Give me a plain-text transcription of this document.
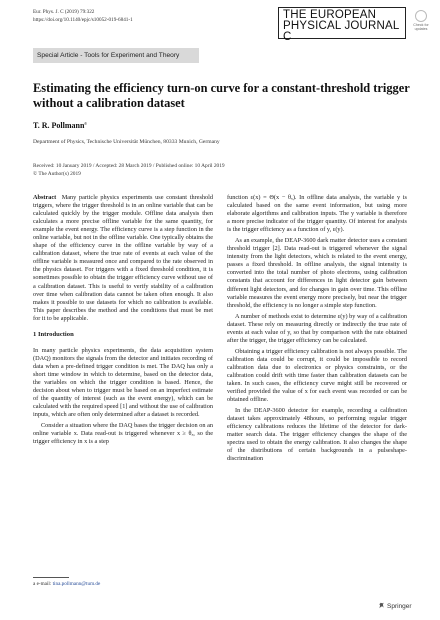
Eur. Phys. J. C (2019) 79:322
https://doi.org/10.1140/epjc/s10052-019-6841-1	THE EUROPEAN
PHYSICAL JOURNAL C
Check for updates
Special Article - Tools for Experiment and Theory
Estimating the efficiency turn-on curve for a constant-threshold trigger without a calibration dataset
T. R. Pollmann$^a$
Department of Physics, Technische Universität München, 80333 Munich, Germany
Received: 10 January 2019 / Accepted: 28 March 2019 / Published online: 10 April 2019
© The Author(s) 2019

Abstract Many particle physics experiments use constant threshold triggers, where the trigger threshold is in an online variable that can be calculated quickly by the trigger module. Offline data analysis then calculates a more precise offline variable for the same quantity, for example the event energy. The efficiency curve is a step function in the online variable, but not in the offline variable. One typically obtains the shape of the efficiency curve in the offline variable by way of a calibration dataset, where the true rate of events at each value of the offline variable is measured once and compared to the rate observed in the physics dataset. For triggers with a fixed threshold condition, it is sometimes possible to obtain the trigger efficiency curve without use of a calibration dataset. This is useful to verify stability of a calibration over time when calibration data cannot be taken often enough. It also makes it possible to use datasets for which no calibration is available. This paper describes the method and the conditions that must be met for it to be applicable.

1 Introduction

In many particle physics experiments, the data acquisition system (DAQ) monitors the signals from the detector and initiates recording of data when a pre-defined trigger condition is met. The DAQ has only a short time window in which to determine, based on the detector data, the variables on which the trigger condition is based. Hence, the decision about when to trigger must be based on an imperfect estimate of the quantity of interest (such as the event energy), which can be calculated with the required speed [1] and without the use of calibration inputs, which are often only determined after a dataset is recorded.

Consider a situation where the DAQ bases the trigger decision on an online variable x. Data read-out is triggered whenever x ≥ θₓ, so the trigger efficiency in x is a step

function ε(x) = Θ(x − θₓ). In offline data analysis, the variable y is calculated based on the same event information, but using more elaborate algorithms and calibration inputs. The y variable is therefore a more precise indicator of the trigger quantity. Of interest for analysis is the trigger efficiency as a function of y, ε(y).

As an example, the DEAP-3600 dark matter detector uses a constant threshold trigger [2]. Data read-out is triggered whenever the signal intensity from the light detectors, which is related to the event energy, passes a fixed threshold. In offline analysis, the signal intensity is converted into the total number of photo electrons, using calibration constants that account for differences in light detector gain between different light detectors, and for changes in gain over time. This offline variable measures the event energy more precisely, but near the trigger threshold, the efficiency is no longer a simple step function.

A number of methods exist to determine ε(y) by way of a calibration dataset. These rely on measuring directly or indirectly the true rate of events at each value of y, so that by comparison with the rate obtained after the trigger, the trigger efficiency can be calculated.

Obtaining a trigger efficiency calibration is not always possible. The calibration data could be corrupt, it could be impossible to record calibration data due to electronics or physics constraints, or the calibration could drift with time faster than calibration datasets can be taken. In such cases, the efficiency curve might still be recovered or verified provided the value of x for each event was recorded or can be obtained offline.

In the DEAP-3600 detector for example, recording a calibration dataset takes approximately 48hours, so performing regular trigger efficiency calibrations reduces the lifetime of the detector for dark-matter search data. The trigger efficiency changes the shape of the spectra used to obtain the energy calibration. It also changes the shape of the distributions of certain backgrounds in a pulseshape-discrimination

a e-mail: tina.pollmann@tum.de
Springer
